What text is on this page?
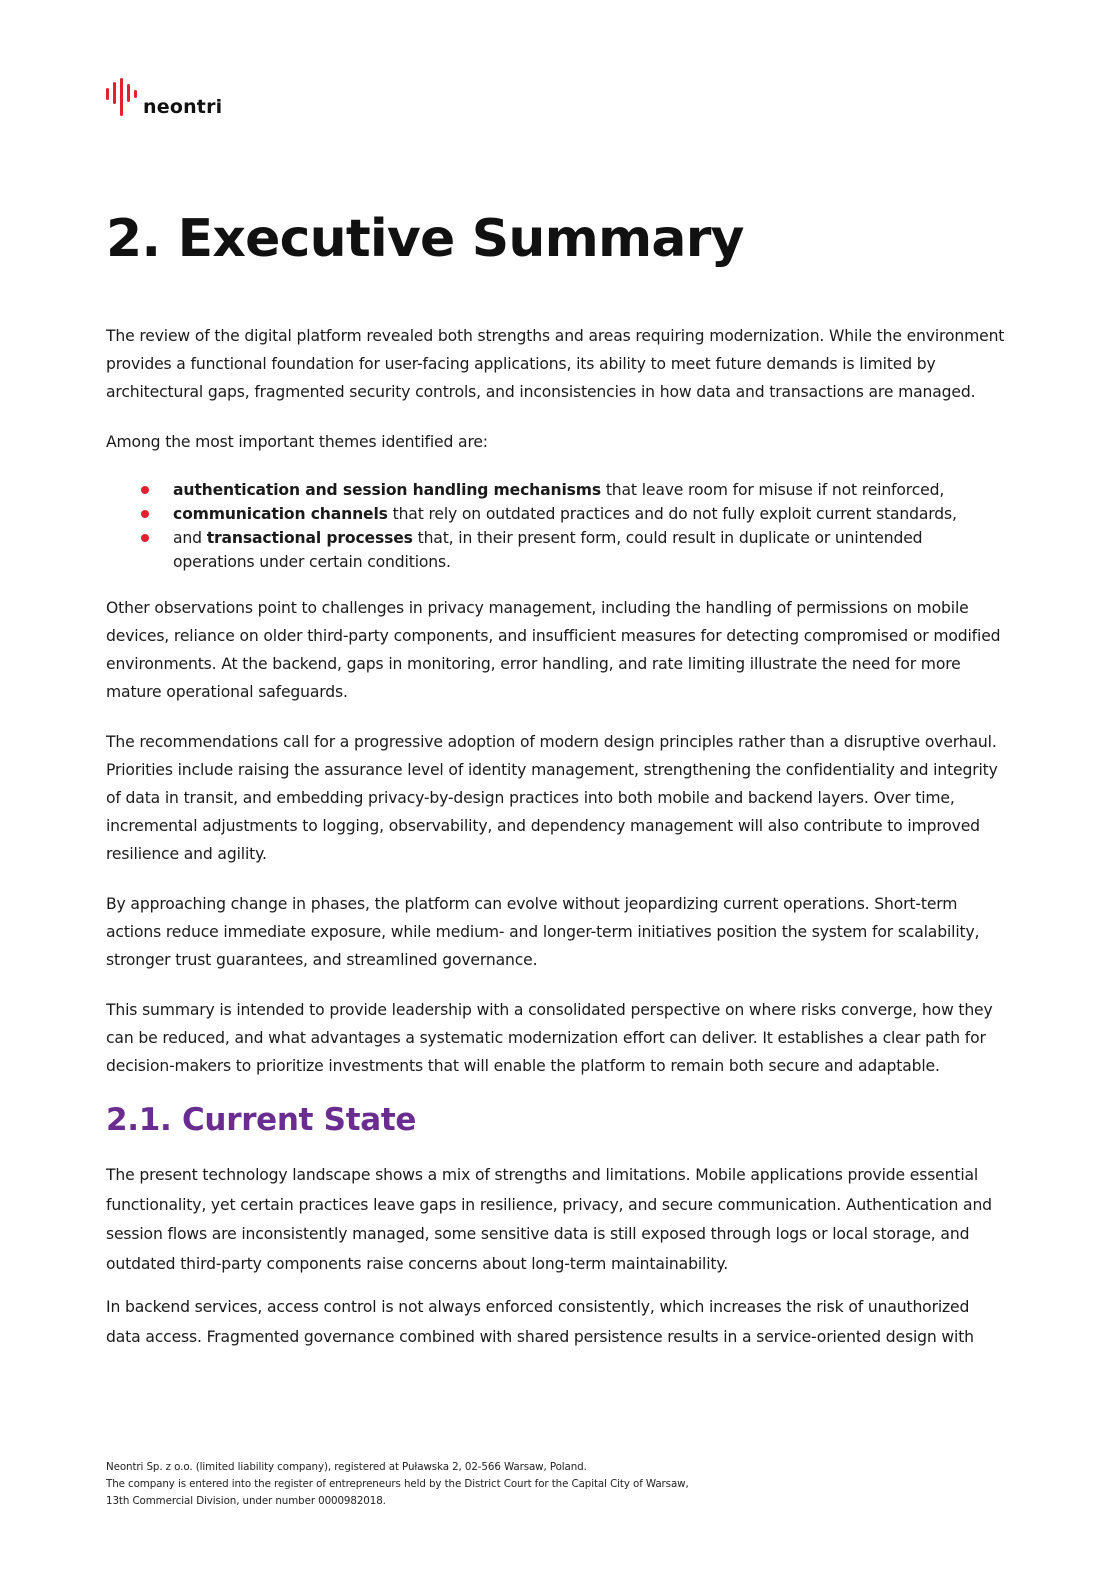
neontri
2. Executive Summary

The review of the digital platform revealed both strengths and areas requiring modernization. While the environment provides a functional foundation for user-facing applications, its ability to meet future demands is limited by architectural gaps, fragmented security controls, and inconsistencies in how data and transactions are managed.

Among the most important themes identified are:

authentication and session handling mechanisms that leave room for misuse if not reinforced,
communication channels that rely on outdated practices and do not fully exploit current standards,
and transactional processes that, in their present form, could result in duplicate or unintended operations under certain conditions.

Other observations point to challenges in privacy management, including the handling of permissions on mobile devices, reliance on older third-party components, and insufficient measures for detecting compromised or modified environments. At the backend, gaps in monitoring, error handling, and rate limiting illustrate the need for more mature operational safeguards.

The recommendations call for a progressive adoption of modern design principles rather than a disruptive overhaul. Priorities include raising the assurance level of identity management, strengthening the confidentiality and integrity of data in transit, and embedding privacy-by-design practices into both mobile and backend layers. Over time, incremental adjustments to logging, observability, and dependency management will also contribute to improved resilience and agility.

By approaching change in phases, the platform can evolve without jeopardizing current operations. Short-term actions reduce immediate exposure, while medium- and longer-term initiatives position the system for scalability, stronger trust guarantees, and streamlined governance.

This summary is intended to provide leadership with a consolidated perspective on where risks converge, how they can be reduced, and what advantages a systematic modernization effort can deliver. It establishes a clear path for decision-makers to prioritize investments that will enable the platform to remain both secure and adaptable.

2.1. Current State

The present technology landscape shows a mix of strengths and limitations. Mobile applications provide essential functionality, yet certain practices leave gaps in resilience, privacy, and secure communication. Authentication and session flows are inconsistently managed, some sensitive data is still exposed through logs or local storage, and outdated third-party components raise concerns about long-term maintainability.

In backend services, access control is not always enforced consistently, which increases the risk of unauthorized data access. Fragmented governance combined with shared persistence results in a service-oriented design with

Neontri Sp. z o.o. (limited liability company), registered at Puławska 2, 02-566 Warsaw, Poland.
The company is entered into the register of entrepreneurs held by the District Court for the Capital City of Warsaw,
13th Commercial Division, under number 0000982018.
